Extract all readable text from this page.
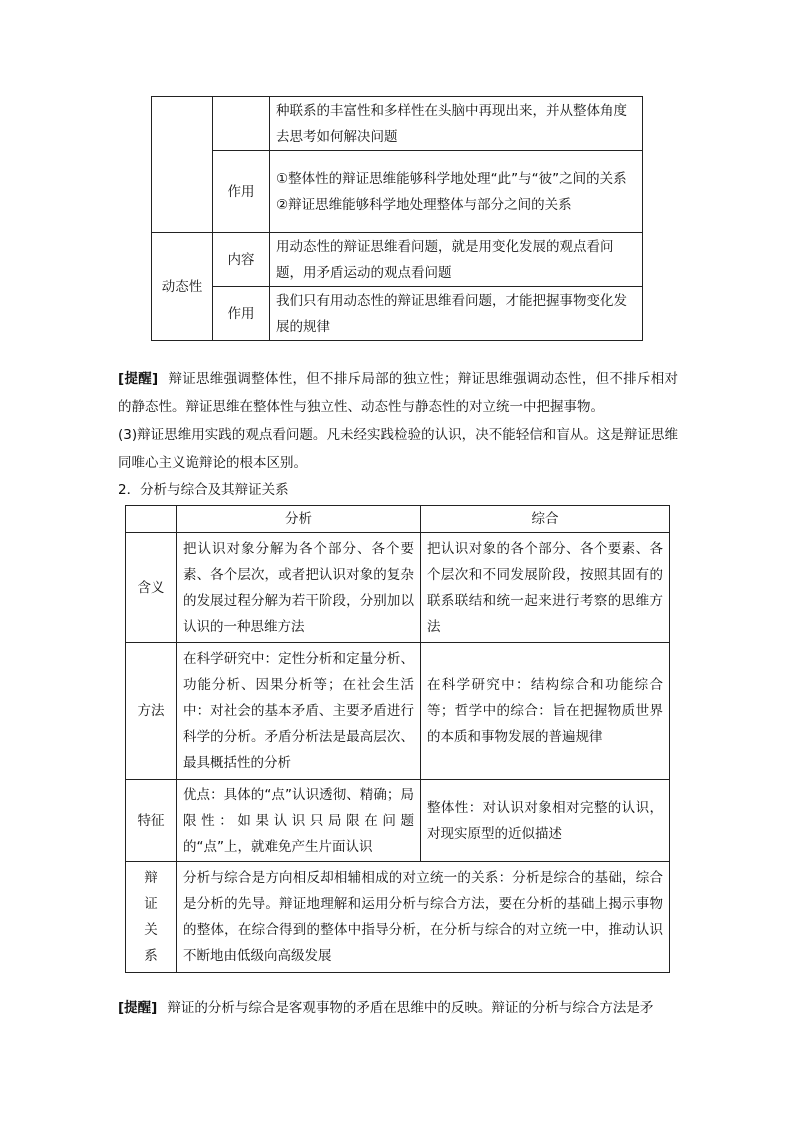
		种联系的丰富性和多样性在头脑中再现出来，并从整体角度去思考如何解决问题
	作用	①整体性的辩证思维能够科学地处理“此”与“彼”之间的关系
②辩证思维能够科学地处理整体与部分之间的关系

动态性	内容	用动态性的辩证思维看问题，就是用变化发展的观点看问题，用矛盾运动的观点看问题
	作用	我们只有用动态性的辩证思维看问题，才能把握事物变化发展的规律
[提醒] 辩证思维强调整体性，但不排斥局部的独立性；辩证思维强调动态性，但不排斥相对的静态性。辩证思维在整体性与独立性、动态性与静态性的对立统一中把握事物。
(3)辩证思维用实践的观点看问题。凡未经实践检验的认识，决不能轻信和盲从。这是辩证思维同唯心主义诡辩论的根本区别。
2．分析与综合及其辩证关系
	分析	综合
含义	把认识对象分解为各个部分、各个要素、各个层次，或者把认识对象的复杂的发展过程分解为若干阶段，分别加以认识的一种思维方法	把认识对象的各个部分、各个要素、各个层次和不同发展阶段，按照其固有的联系联结和统一起来进行考察的思维方法
方法	在科学研究中：定性分析和定量分析、功能分析、因果分析等；在社会生活中：对社会的基本矛盾、主要矛盾进行科学的分析。矛盾分析法是最高层次、最具概括性的分析	在科学研究中：结构综合和功能综合等；哲学中的综合：旨在把握物质世界的本质和事物发展的普遍规律
特征	优点：具体的“点”认识透彻、精确；局限性：如果认识只局限在问题的“点”上，就难免产生片面认识	整体性：对认识对象相对完整的认识，对现实原型的近似描述
辩证关系	分析与综合是方向相反却相辅相成的对立统一的关系：分析是综合的基础，综合是分析的先导。辩证地理解和运用分析与综合方法，要在分析的基础上揭示事物的整体，在综合得到的整体中指导分析，在分析与综合的对立统一中，推动认识不断地由低级向高级发展	
[提醒] 辩证的分析与综合是客观事物的矛盾在思维中的反映。辩证的分析与综合方法是矛
